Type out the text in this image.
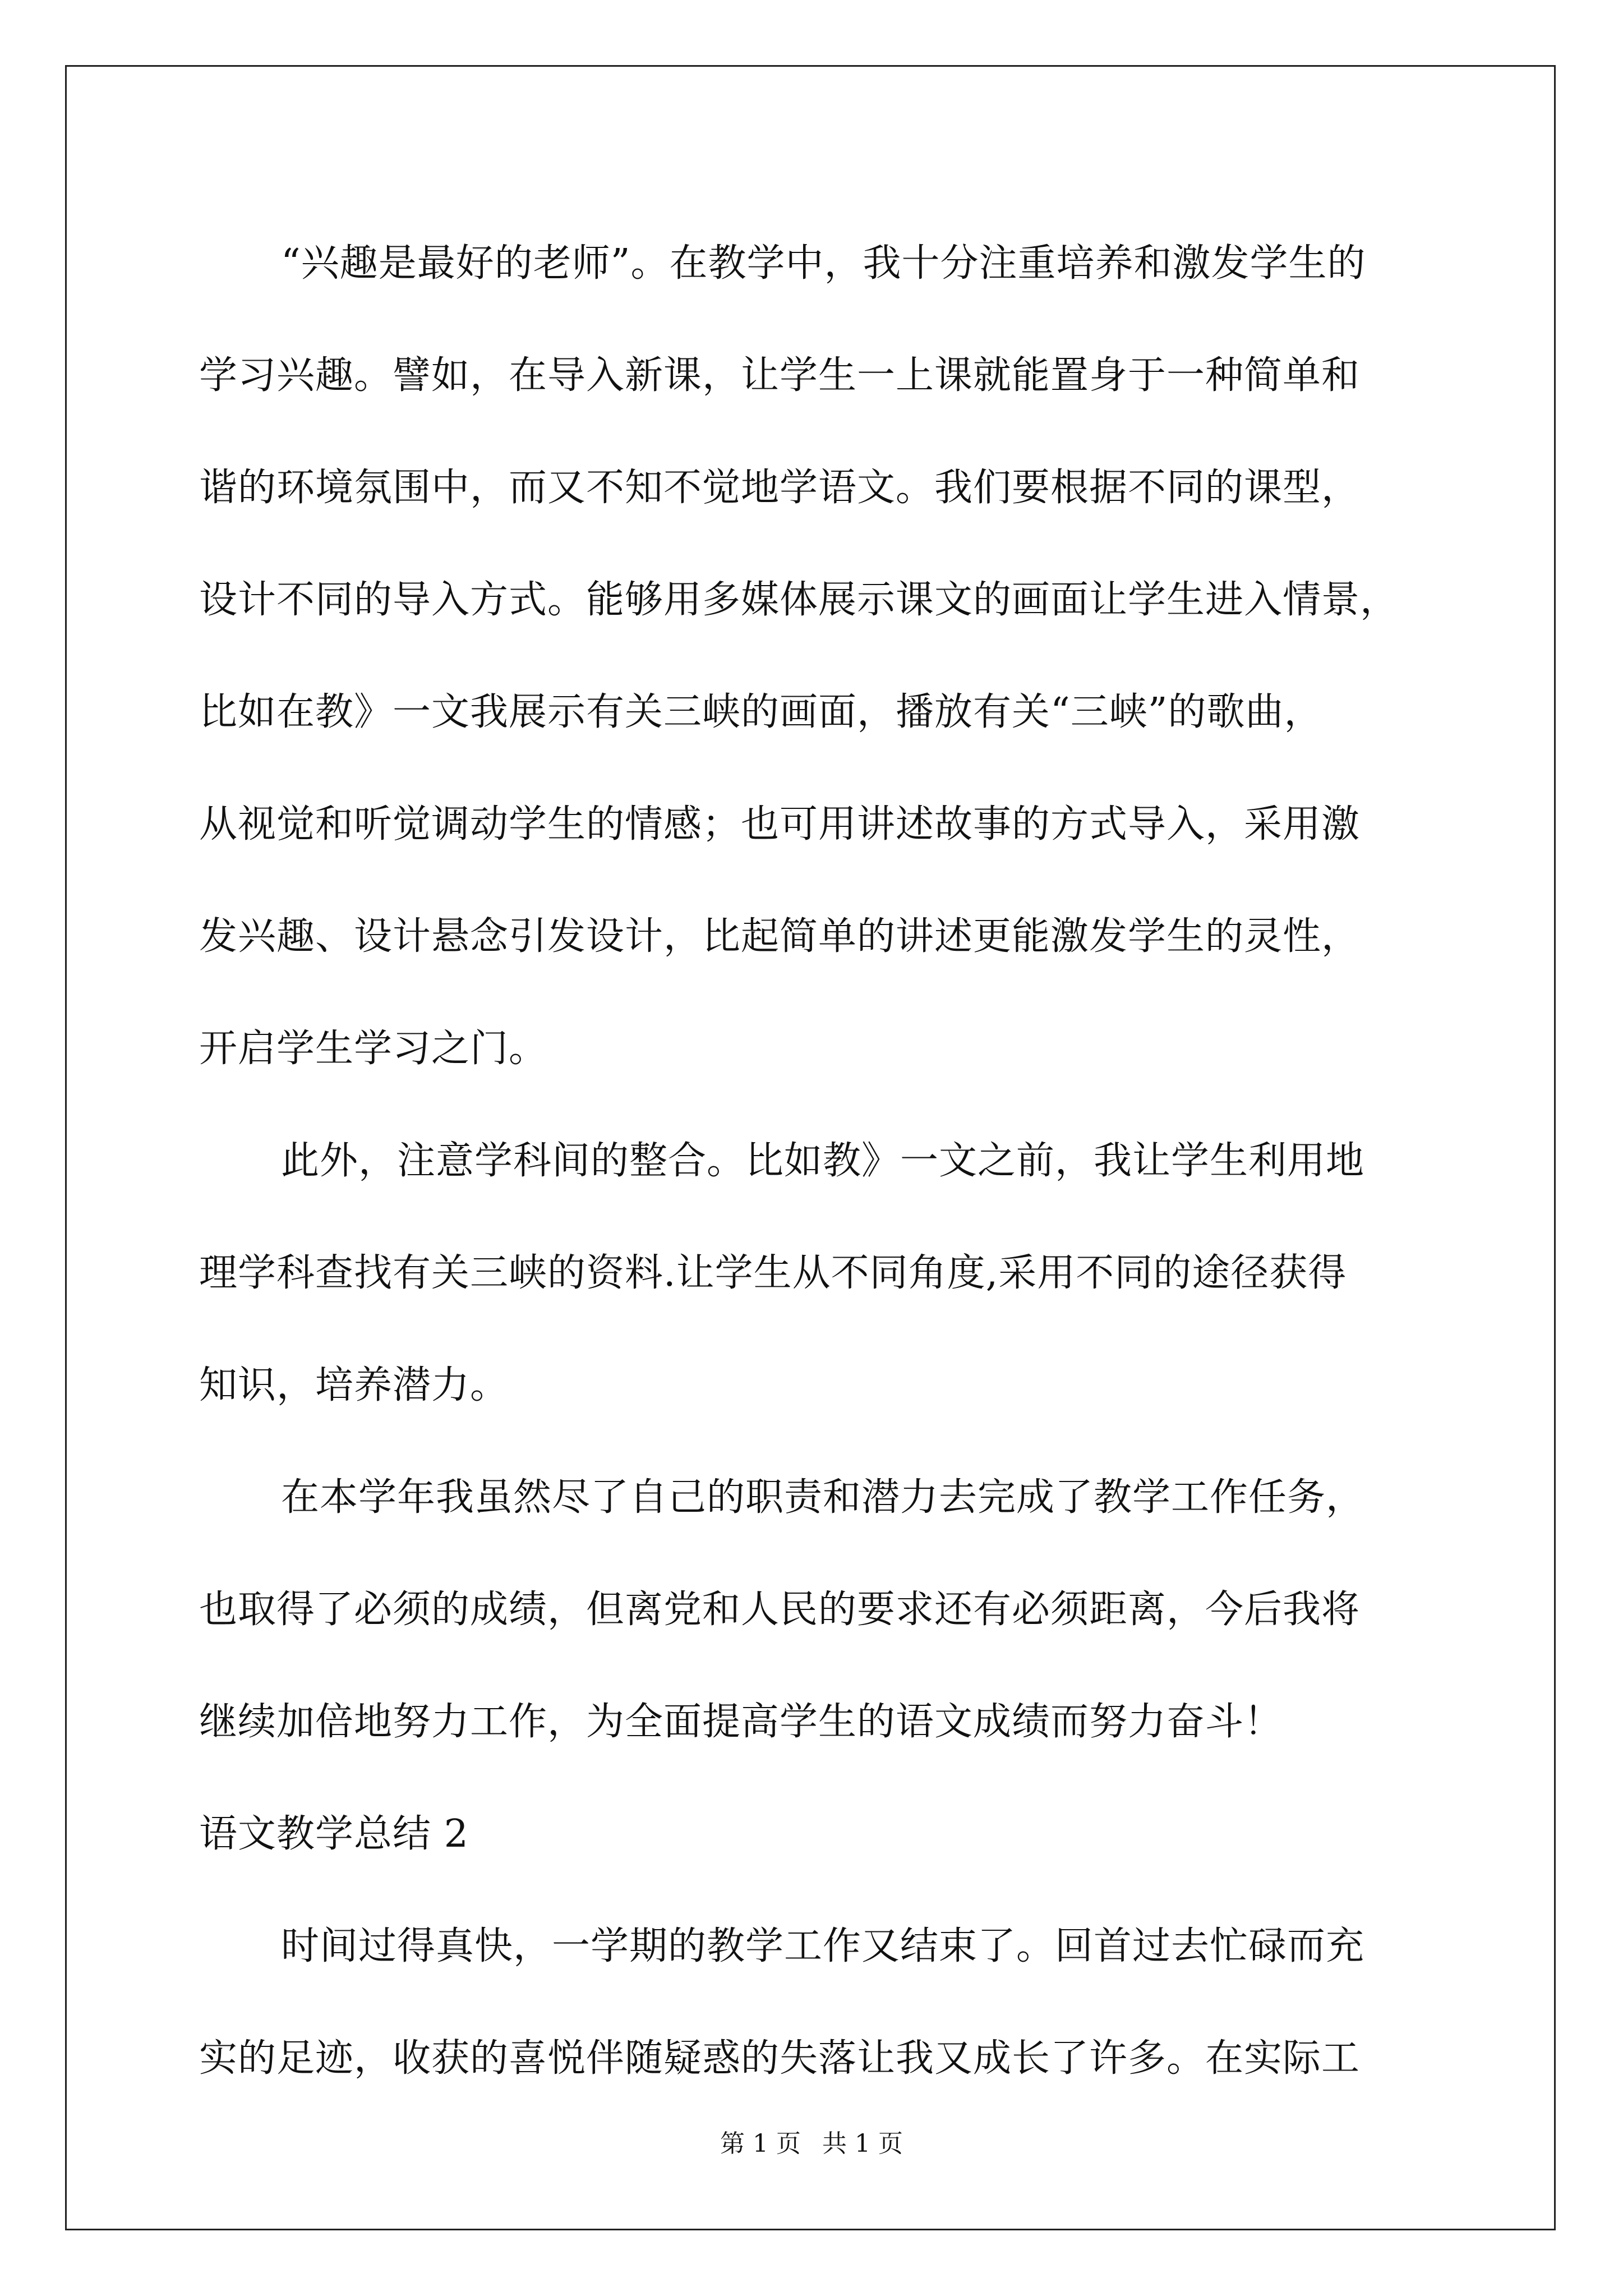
“兴趣是最好的老师”。在教学中，我十分注重培养和激发学生的
学习兴趣。譬如，在导入新课，让学生一上课就能置身于一种简单和
谐的环境氛围中，而又不知不觉地学语文。我们要根据不同的课型，
设计不同的导入方式。能够用多媒体展示课文的画面让学生进入情景，
比如在教》一文我展示有关三峡的画面，播放有关“三峡”的歌曲，
从视觉和听觉调动学生的情感；也可用讲述故事的方式导入，采用激
发兴趣、设计悬念引发设计，比起简单的讲述更能激发学生的灵性，
开启学生学习之门。

此外，注意学科间的整合。比如教》一文之前，我让学生利用地
理学科查找有关三峡的资料.让学生从不同角度,采用不同的途径获得
知识，培养潜力。

在本学年我虽然尽了自己的职责和潜力去完成了教学工作任务，
也取得了必须的成绩，但离党和人民的要求还有必须距离，今后我将
继续加倍地努力工作，为全面提高学生的语文成绩而努力奋斗！

语文教学总结 2

时间过得真快，一学期的教学工作又结束了。回首过去忙碌而充
实的足迹，收获的喜悦伴随疑惑的失落让我又成长了许多。在实际工

第 1 页 共 1 页
